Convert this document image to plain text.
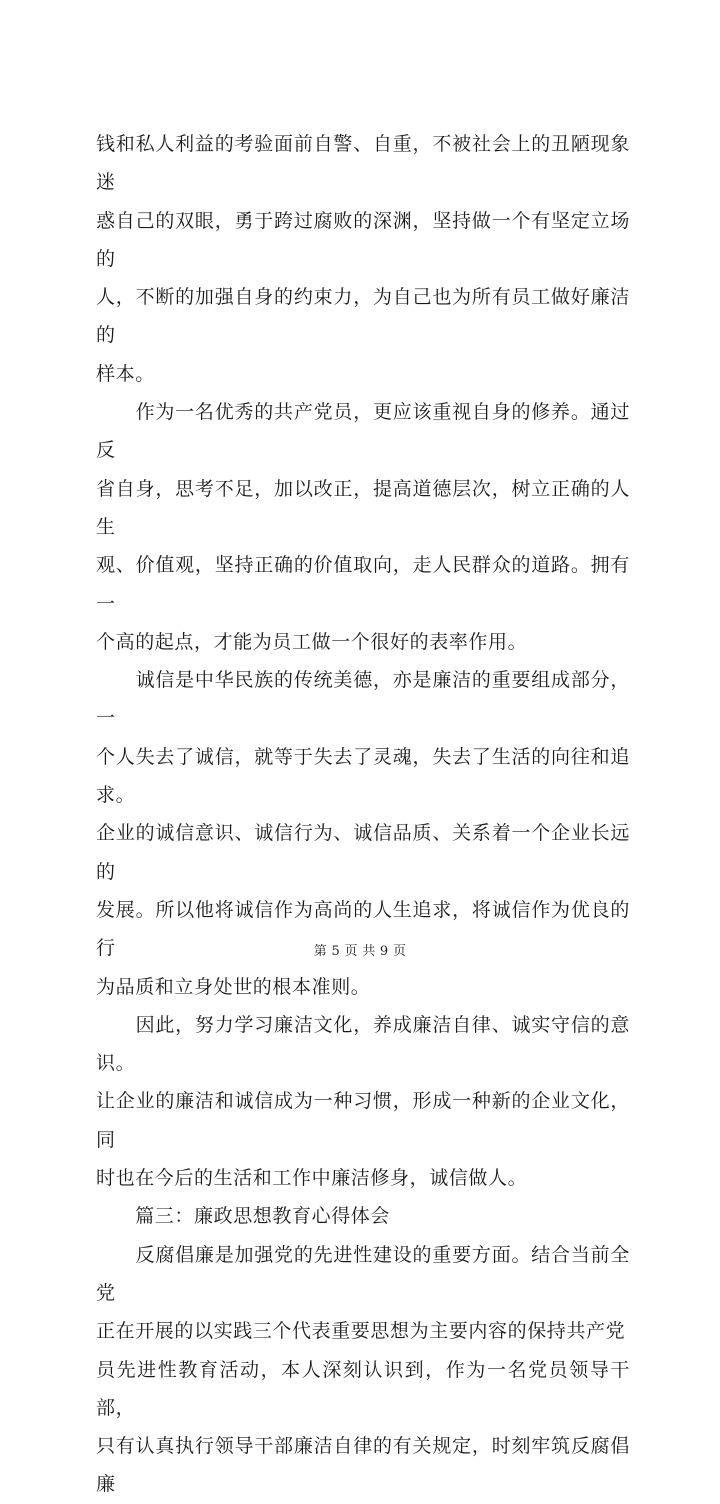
钱和私人利益的考验面前自警、自重，不被社会上的丑陋现象迷
惑自己的双眼，勇于跨过腐败的深渊，坚持做一个有坚定立场的
人，不断的加强自身的约束力，为自己也为所有员工做好廉洁的
样本。

　　作为一名优秀的共产党员，更应该重视自身的修养。通过反
省自身，思考不足，加以改正，提高道德层次，树立正确的人生
观、价值观，坚持正确的价值取向，走人民群众的道路。拥有一
个高的起点，才能为员工做一个很好的表率作用。

　　诚信是中华民族的传统美德，亦是廉洁的重要组成部分，一
个人失去了诚信，就等于失去了灵魂，失去了生活的向往和追求。
企业的诚信意识、诚信行为、诚信品质、关系着一个企业长远的
发展。所以他将诚信作为高尚的人生追求，将诚信作为优良的行
为品质和立身处世的根本准则。

　　因此，努力学习廉洁文化，养成廉洁自律、诚实守信的意识。
让企业的廉洁和诚信成为一种习惯，形成一种新的企业文化，同
时也在今后的生活和工作中廉洁修身，诚信做人。

　　篇三：廉政思想教育心得体会

　　反腐倡廉是加强党的先进性建设的重要方面。结合当前全党
正在开展的以实践三个代表重要思想为主要内容的保持共产党
员先进性教育活动，本人深刻认识到，作为一名党员领导干部，
只有认真执行领导干部廉洁自律的有关规定，时刻牢筑反腐倡廉

第 5 页 共 9 页
